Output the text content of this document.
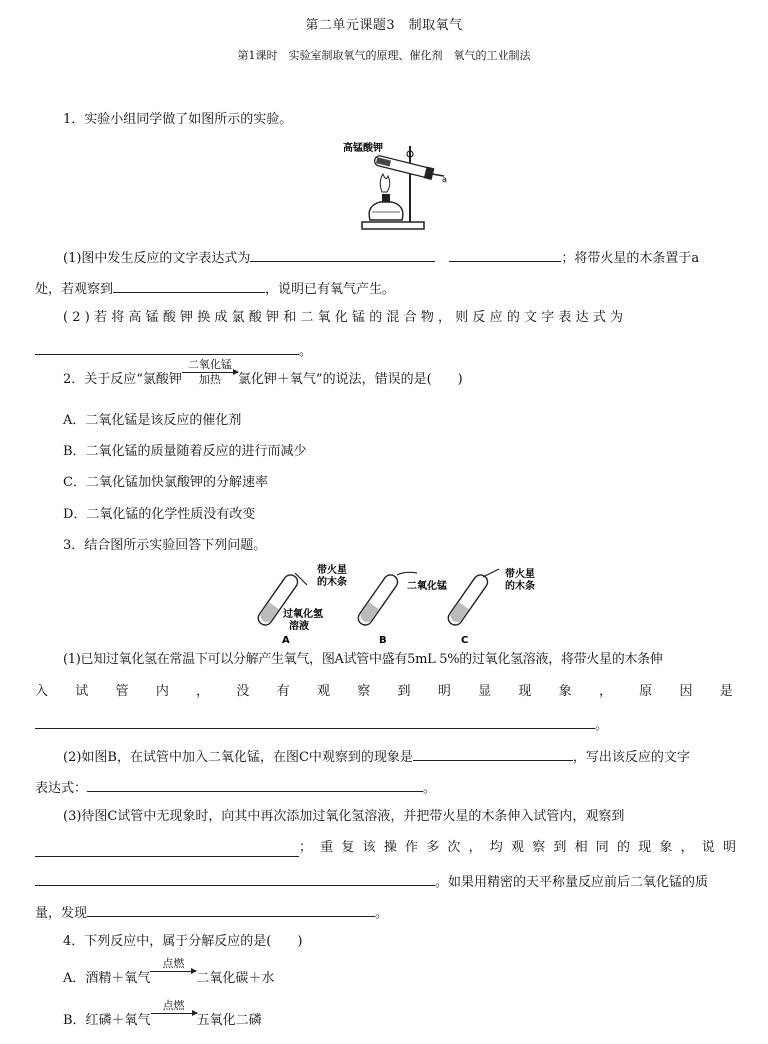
第二单元课题3　制取氧气
第1课时　实验室制取氧气的原理、催化剂　氧气的工业制法
1．实验小组同学做了如图所示的实验。
高锰酸钾
a
(1)图中发生反应的文字表达式为	；将带火星的木条置于a
处，若观察到	，说明已有氧气产生。
(2)若将高锰酸钾换成氯酸钾和二氧化锰的混合物，则反应的文字表达式为
。
2．关于反应“氯酸钾
二氧化锰
加热	氯化钾＋氧气”的说法，错误的是(　　)
A．二氧化锰是该反应的催化剂
B．二氧化锰的质量随着反应的进行而减少
C．二氧化锰加快氯酸钾的分解速率
D．二氧化锰的化学性质没有改变
3．结合图所示实验回答下列问题。
带火星
的木条
过氧化氢
溶液
A	B
二氧化锰
带火星
的木条
C
(1)已知过氧化氢在常温下可以分解产生氧气，图A试管中盛有5mL 5%的过氧化氢溶液，将带火星的木条伸
入 试 管 内 ， 没 有 观 察 到 明 显 现 象 ， 原 因 是
。
(2)如图B，在试管中加入二氧化锰，在图C中观察到的现象是	，写出该反应的文字
表达式：	。
(3)待图C试管中无现象时，向其中再次添加过氧化氢溶液，并把带火星的木条伸入试管内，观察到
；重复该操作多次，均观察到相同的现象，说明
。如果用精密的天平称量反应前后二氧化锰的质
量，发现	。
4．下列反应中，属于分解反应的是(　　)
A．酒精＋氧气
点燃

二氧化碳＋水
B．红磷＋氧气
点燃

五氧化二磷
